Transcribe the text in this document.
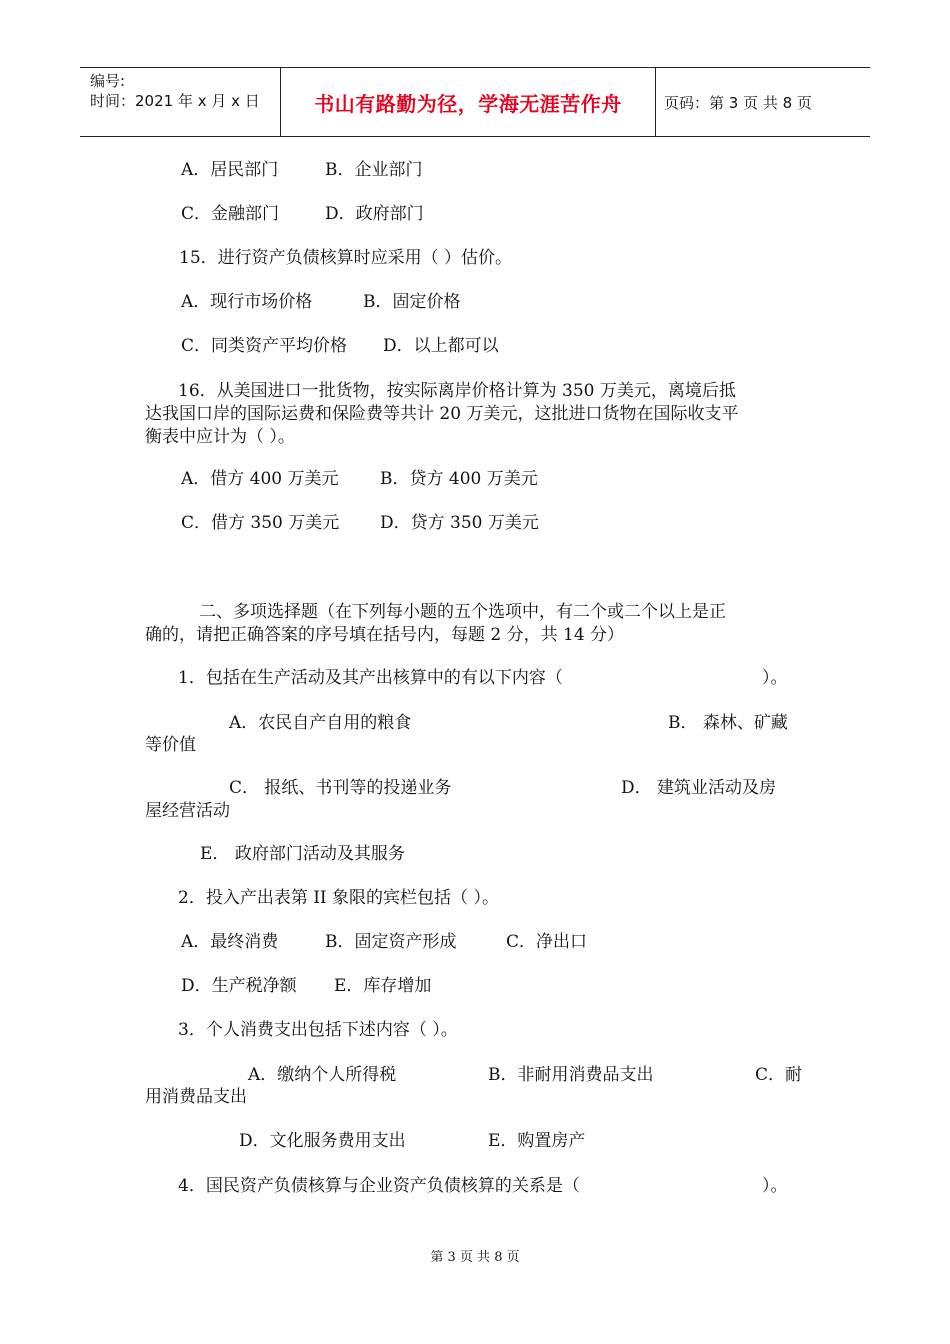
编号:
时间：2021 年 x 月 x 日	书山有路勤为径，学海无涯苦作舟	页码：第 3 页 共 8 页
A．居民部门	B．企业部门
C．金融部门	D．政府部门
15．进行资产负债核算时应采用（ ）估价。
A．现行市场价格	B．固定价格
C．同类资产平均价格 D．以上都可以
16．从美国进口一批货物，按实际离岸价格计算为 350 万美元，离境后抵
达我国口岸的国际运费和保险费等共计 20 万美元，这批进口货物在国际收支平
衡表中应计为（ ）。
A．借方 400 万美元 B．贷方 400 万美元
C．借方 350 万美元 D．贷方 350 万美元
二、多项选择题（在下列每小题的五个选项中，有二个或二个以上是正
确的，请把正确答案的序号填在括号内，每题 2 分，共 14 分）
1．包括在生产活动及其产出核算中的有以下内容（	）。
A．农民自产自用的粮食	B． 森林、矿藏
等价值
C． 报纸、书刊等的投递业务	D． 建筑业活动及房
屋经营活动
E． 政府部门活动及其服务
2．投入产出表第 II 象限的宾栏包括（ ）。
A．最终消费	B．固定资产形成	C．净出口
D．生产税净额 E．库存增加
3．个人消费支出包括下述内容（ ）。
A．缴纳个人所得税	B．非耐用消费品支出	C．耐
用消费品支出
D．文化服务费用支出	E．购置房产
4．国民资产负债核算与企业资产负债核算的关系是（	）。
第 3 页 共 8 页
